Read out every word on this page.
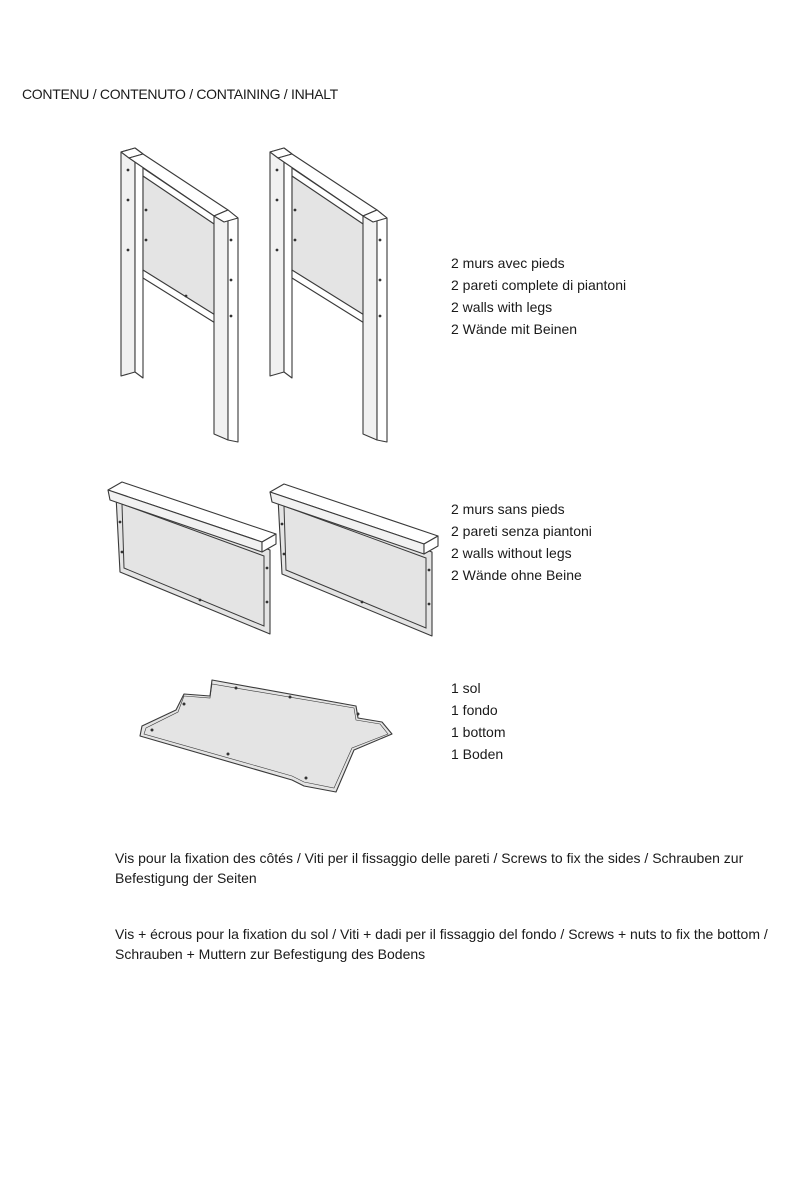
CONTENU / CONTENUTO / CONTAINING / INHALT
2 murs avec pieds
2 pareti complete di piantoni
2 walls with legs
2 Wände mit Beinen
2 murs sans pieds
2 pareti senza piantoni
2 walls without legs
2 Wände ohne Beine
1 sol
1 fondo
1 bottom
1 Boden
Vis pour la fixation des côtés / Viti per il fissaggio delle pareti / Screws to fix the sides / Schrauben zur Befestigung der Seiten
Vis + écrous pour la fixation du sol / Viti + dadi per il fissaggio del fondo / Screws + nuts to fix the bottom / Schrauben + Muttern zur Befestigung des Bodens
